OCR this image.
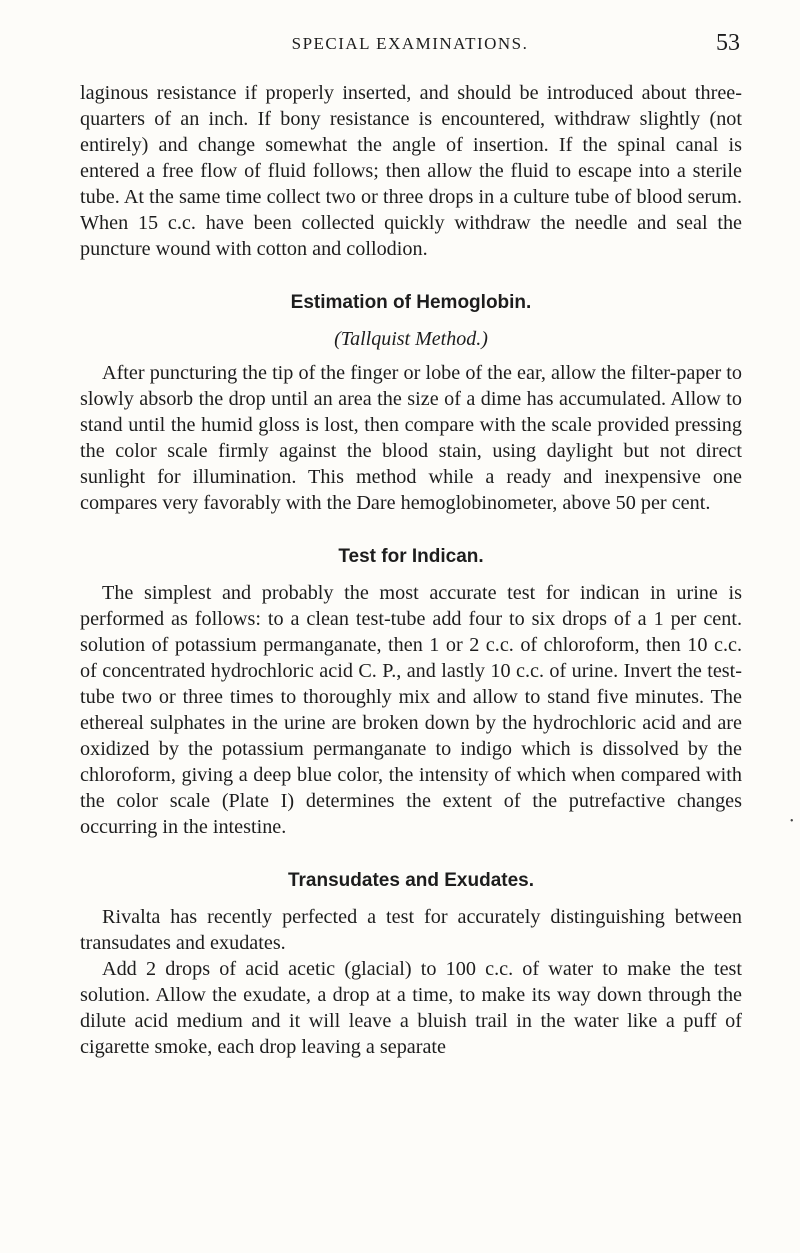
SPECIAL EXAMINATIONS.	53

laginous resistance if properly inserted, and should be introduced about three-quarters of an inch. If bony resistance is encountered, withdraw slightly (not entirely) and change somewhat the angle of insertion. If the spinal canal is entered a free flow of fluid follows; then allow the fluid to escape into a sterile tube. At the same time collect two or three drops in a culture tube of blood serum. When 15 c.c. have been collected quickly withdraw the needle and seal the puncture wound with cotton and collodion.

Estimation of Hemoglobin.
(Tallquist Method.)

After puncturing the tip of the finger or lobe of the ear, allow the filter-paper to slowly absorb the drop until an area the size of a dime has accumulated. Allow to stand until the humid gloss is lost, then compare with the scale provided pressing the color scale firmly against the blood stain, using daylight but not direct sunlight for illumination. This method while a ready and inexpensive one compares very favorably with the Dare hemoglobinometer, above 50 per cent.

Test for Indican.

The simplest and probably the most accurate test for indican in urine is performed as follows: to a clean test-tube add four to six drops of a 1 per cent. solution of potassium permanganate, then 1 or 2 c.c. of chloroform, then 10 c.c. of concentrated hydrochloric acid C. P., and lastly 10 c.c. of urine. Invert the test-tube two or three times to thoroughly mix and allow to stand five minutes. The ethereal sulphates in the urine are broken down by the hydrochloric acid and are oxidized by the potassium permanganate to indigo which is dissolved by the chloroform, giving a deep blue color, the intensity of which when compared with the color scale (Plate I) determines the extent of the putrefactive changes occurring in the intestine.

Transudates and Exudates.

Rivalta has recently perfected a test for accurately distinguishing between transudates and exudates.

Add 2 drops of acid acetic (glacial) to 100 c.c. of water to make the test solution. Allow the exudate, a drop at a time, to make its way down through the dilute acid medium and it will leave a bluish trail in the water like a puff of cigarette smoke, each drop leaving a separate

•
